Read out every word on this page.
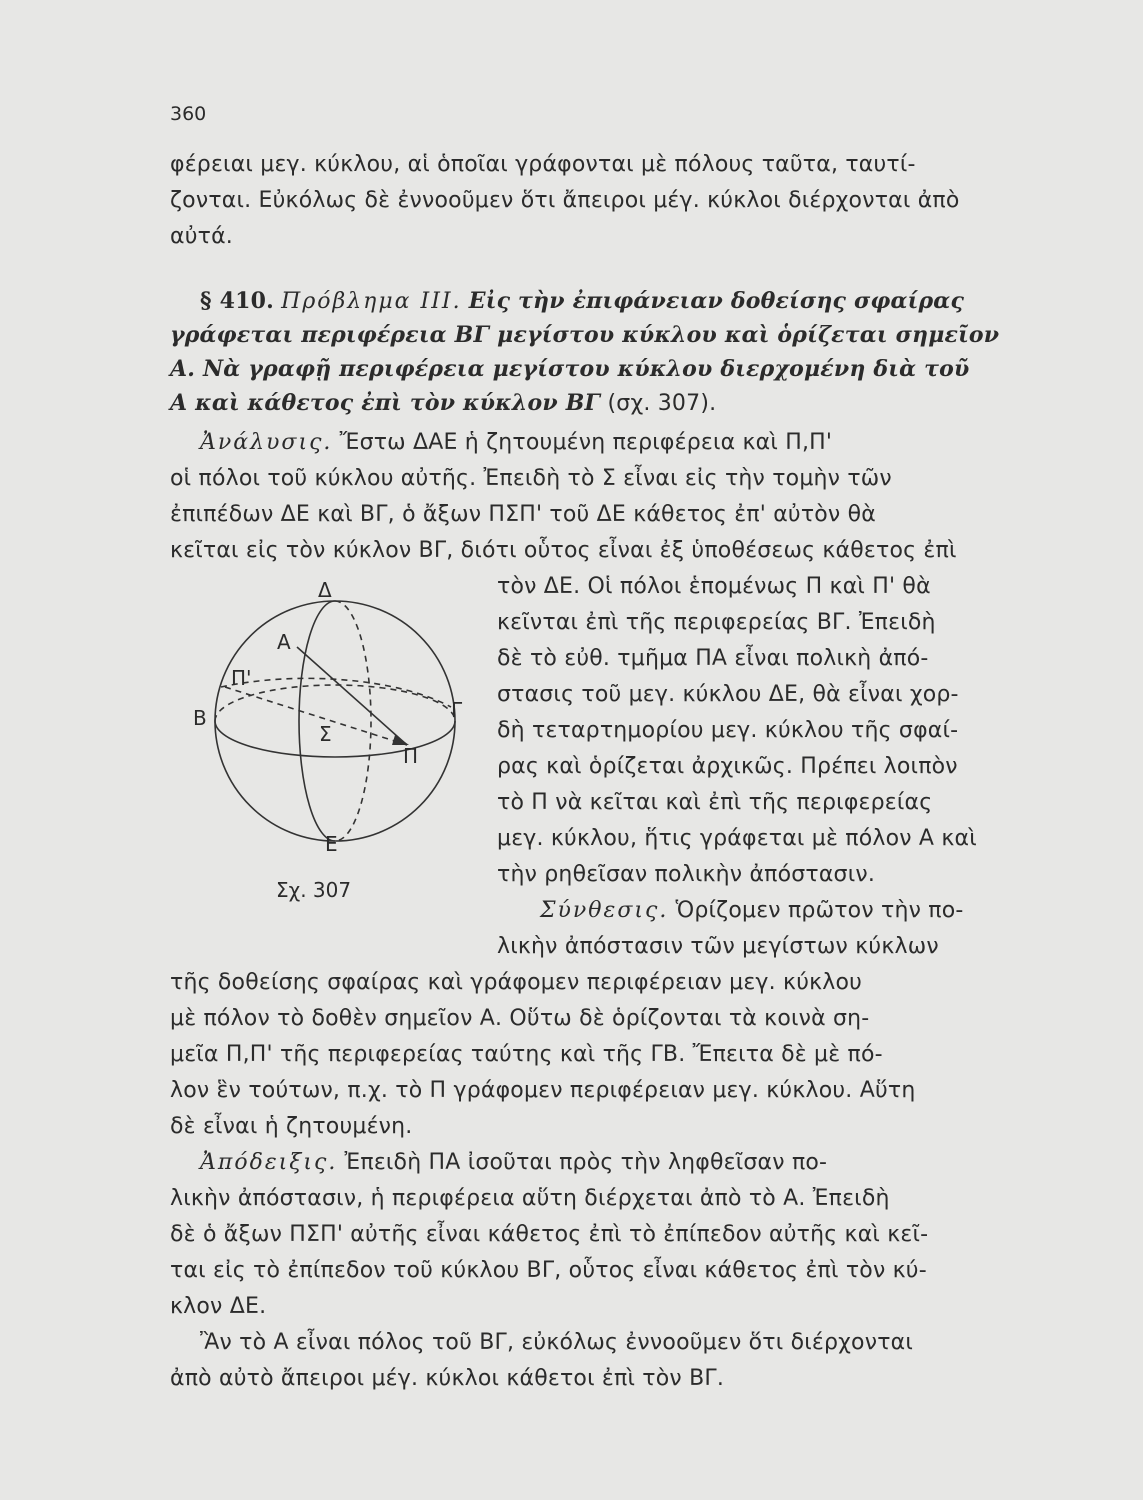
360
φέρειαι μεγ. κύκλου, αἱ ὁποῖαι γράφονται μὲ πόλους ταῦτα, ταυτί-
ζονται. Εὐκόλως δὲ ἐννοοῦμεν ὅτι ἄπειροι μέγ. κύκλοι διέρχονται ἀπὸ
αὐτά.
§ 410. Πρόβλημα ΙΙΙ. Εἰς τὴν ἐπιφάνειαν δοθείσης σφαίρας
γράφεται περιφέρεια ΒΓ μεγίστου κύκλου καὶ ὁρίζεται σημεῖον
Α. Νὰ γραφῇ περιφέρεια μεγίστου κύκλου διερχομένη διὰ τοῦ
Α καὶ κάθετος ἐπὶ τὸν κύκλον ΒΓ (σχ. 307).
Ἀνάλυσις. Ἔστω ΔΑΕ ἡ ζητουμένη περιφέρεια καὶ Π,Π'
οἱ πόλοι τοῦ κύκλου αὐτῆς. Ἐπειδὴ τὸ Σ εἶναι εἰς τὴν τομὴν τῶν
ἐπιπέδων ΔΕ καὶ ΒΓ, ὁ ἄξων ΠΣΠ' τοῦ ΔΕ κάθετος ἐπ' αὐτὸν θὰ
κεῖται εἰς τὸν κύκλον ΒΓ, διότι οὗτος εἶναι ἐξ ὑποθέσεως κάθετος ἐπὶ
τὸν ΔΕ. Οἱ πόλοι ἑπομένως Π καὶ Π' θὰ
κεῖνται ἐπὶ τῆς περιφερείας ΒΓ. Ἐπειδὴ
δὲ τὸ εὐθ. τμῆμα ΠΑ εἶναι πολικὴ ἀπό-
στασις τοῦ μεγ. κύκλου ΔΕ, θὰ εἶναι χορ-
δὴ τεταρτημορίου μεγ. κύκλου τῆς σφαί-
ρας καὶ ὁρίζεται ἀρχικῶς. Πρέπει λοιπὸν
τὸ Π νὰ κεῖται καὶ ἐπὶ τῆς περιφερείας
μεγ. κύκλου, ἥτις γράφεται μὲ πόλον Α καὶ
τὴν ρηθεῖσαν πολικὴν ἀπόστασιν.
Σύνθεσις. Ὁρίζομεν πρῶτον τὴν πο-
λικὴν ἀπόστασιν τῶν μεγίστων κύκλων
Δ
Α
Π'
Β	Γ
Σ
Π
Ε
Σχ. 307
τῆς δοθείσης σφαίρας καὶ γράφομεν περιφέρειαν μεγ. κύκλου
μὲ πόλον τὸ δοθὲν σημεῖον Α. Οὕτω δὲ ὁρίζονται τὰ κοινὰ ση-
μεῖα Π,Π' τῆς περιφερείας ταύτης καὶ τῆς ΓΒ. Ἔπειτα δὲ μὲ πό-
λον ἓν τούτων, π.χ. τὸ Π γράφομεν περιφέρειαν μεγ. κύκλου. Αὕτη
δὲ εἶναι ἡ ζητουμένη.
Ἀπόδειξις. Ἐπειδὴ ΠΑ ἰσοῦται πρὸς τὴν ληφθεῖσαν πο-
λικὴν ἀπόστασιν, ἡ περιφέρεια αὕτη διέρχεται ἀπὸ τὸ Α. Ἐπειδὴ
δὲ ὁ ἄξων ΠΣΠ' αὐτῆς εἶναι κάθετος ἐπὶ τὸ ἐπίπεδον αὐτῆς καὶ κεῖ-
ται εἰς τὸ ἐπίπεδον τοῦ κύκλου ΒΓ, οὗτος εἶναι κάθετος ἐπὶ τὸν κύ-
κλον ΔΕ.
Ἂν τὸ Α εἶναι πόλος τοῦ ΒΓ, εὐκόλως ἐννοοῦμεν ὅτι διέρχονται
ἀπὸ αὐτὸ ἄπειροι μέγ. κύκλοι κάθετοι ἐπὶ τὸν ΒΓ.
